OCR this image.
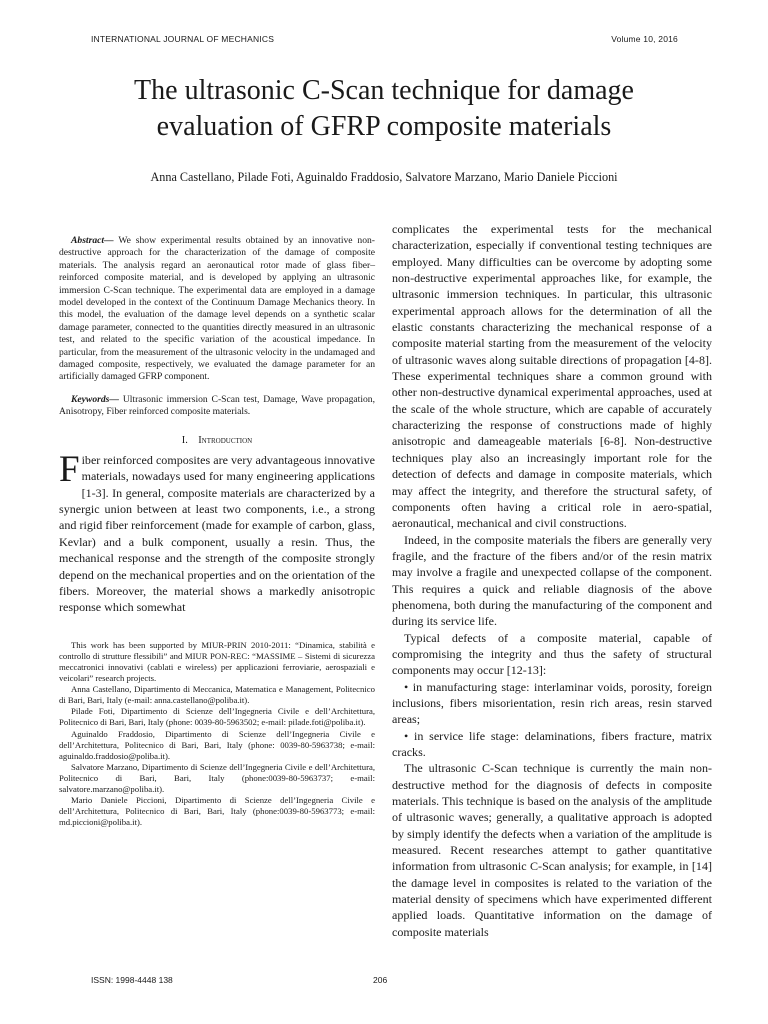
INTERNATIONAL JOURNAL OF MECHANICS	Volume 10, 2016
The ultrasonic C-Scan technique for damage
evaluation of GFRP composite materials
Anna Castellano, Pilade Foti, Aguinaldo Fraddosio, Salvatore Marzano, Mario Daniele Piccioni

Abstract— We show experimental results obtained by an innovative non-destructive approach for the characterization of the damage of composite materials. The analysis regard an aeronautical rotor made of glass fiber–reinforced composite material, and is developed by applying an ultrasonic immersion C-Scan technique. The experimental data are employed in a damage model developed in the context of the Continuum Damage Mechanics theory. In this model, the evaluation of the damage level depends on a synthetic scalar damage parameter, connected to the quantities directly measured in an ultrasonic test, and related to the specific variation of the acoustical impedance. In particular, from the measurement of the ultrasonic velocity in the undamaged and damaged composite, respectively, we evaluated the damage parameter for an artificially damaged GFRP component.

Keywords— Ultrasonic immersion C-Scan test, Damage, Wave propagation, Anisotropy, Fiber reinforced composite materials.

I. Introduction

Fiber reinforced composites are very advantageous innovative materials, nowadays used for many engineering applications [1-3]. In general, composite materials are characterized by a synergic union between at least two components, i.e., a strong and rigid fiber reinforcement (made for example of carbon, glass, Kevlar) and a bulk component, usually a resin. Thus, the mechanical response and the strength of the composite strongly depend on the mechanical properties and on the orientation of the fibers. Moreover, the material shows a markedly anisotropic response which somewhat

This work has been supported by MIUR-PRIN 2010-2011: “Dinamica, stabilità e controllo di strutture flessibili” and MIUR PON-REC: “MASSIME – Sistemi di sicurezza meccatronici innovativi (cablati e wireless) per applicazioni ferroviarie, aerospaziali e veicolari” research projects.

Anna Castellano, Dipartimento di Meccanica, Matematica e Management, Politecnico di Bari, Bari, Italy (e-mail: anna.castellano@poliba.it).

Pilade Foti, Dipartimento di Scienze dell’Ingegneria Civile e dell’Architettura, Politecnico di Bari, Bari, Italy (phone: 0039-80-5963502; e-mail: pilade.foti@poliba.it).

Aguinaldo Fraddosio, Dipartimento di Scienze dell’Ingegneria Civile e dell’Architettura, Politecnico di Bari, Bari, Italy (phone: 0039-80-5963738; e-mail: aguinaldo.fraddosio@poliba.it).

Salvatore Marzano, Dipartimento di Scienze dell’Ingegneria Civile e dell’Architettura, Politecnico di Bari, Bari, Italy (phone:0039-80-5963737; e-mail: salvatore.marzano@poliba.it).

Mario Daniele Piccioni, Dipartimento di Scienze dell’Ingegneria Civile e dell’Architettura, Politecnico di Bari, Bari, Italy (phone:0039-80-5963773; e-mail: md.piccioni@poliba.it).

complicates the experimental tests for the mechanical characterization, especially if conventional testing techniques are employed. Many difficulties can be overcome by adopting some non-destructive experimental approaches like, for example, the ultrasonic immersion techniques. In particular, this ultrasonic experimental approach allows for the determination of all the elastic constants characterizing the mechanical response of a composite material starting from the measurement of the velocity of ultrasonic waves along suitable directions of propagation [4-8]. These experimental techniques share a common ground with other non-destructive dynamical experimental approaches, used at the scale of the whole structure, which are capable of accurately characterizing the response of constructions made of highly anisotropic and dameageable materials [6-8]. Non-destructive techniques play also an increasingly important role for the detection of defects and damage in composite materials, which may affect the integrity, and therefore the structural safety, of components often having a critical role in aero-spatial, aeronautical, mechanical and civil constructions.

Indeed, in the composite materials the fibers are generally very fragile, and the fracture of the fibers and/or of the resin matrix may involve a fragile and unexpected collapse of the component. This requires a quick and reliable diagnosis of the above phenomena, both during the manufacturing of the component and during its service life.

Typical defects of a composite material, capable of compromising the integrity and thus the safety of structural components may occur [12-13]:

• in manufacturing stage: interlaminar voids, porosity, foreign inclusions, fibers misorientation, resin rich areas, resin starved areas;

• in service life stage: delaminations, fibers fracture, matrix cracks.

The ultrasonic C-Scan technique is currently the main non-destructive method for the diagnosis of defects in composite materials. This technique is based on the analysis of the amplitude of ultrasonic waves; generally, a qualitative approach is adopted by simply identify the defects when a variation of the amplitude is measured. Recent researches attempt to gather quantitative information from ultrasonic C-Scan analysis; for example, in [14] the damage level in composites is related to the variation of the material density of specimens which have experimented different applied loads. Quantitative information on the damage of composite materials

ISSN: 1998-4448 138	206
